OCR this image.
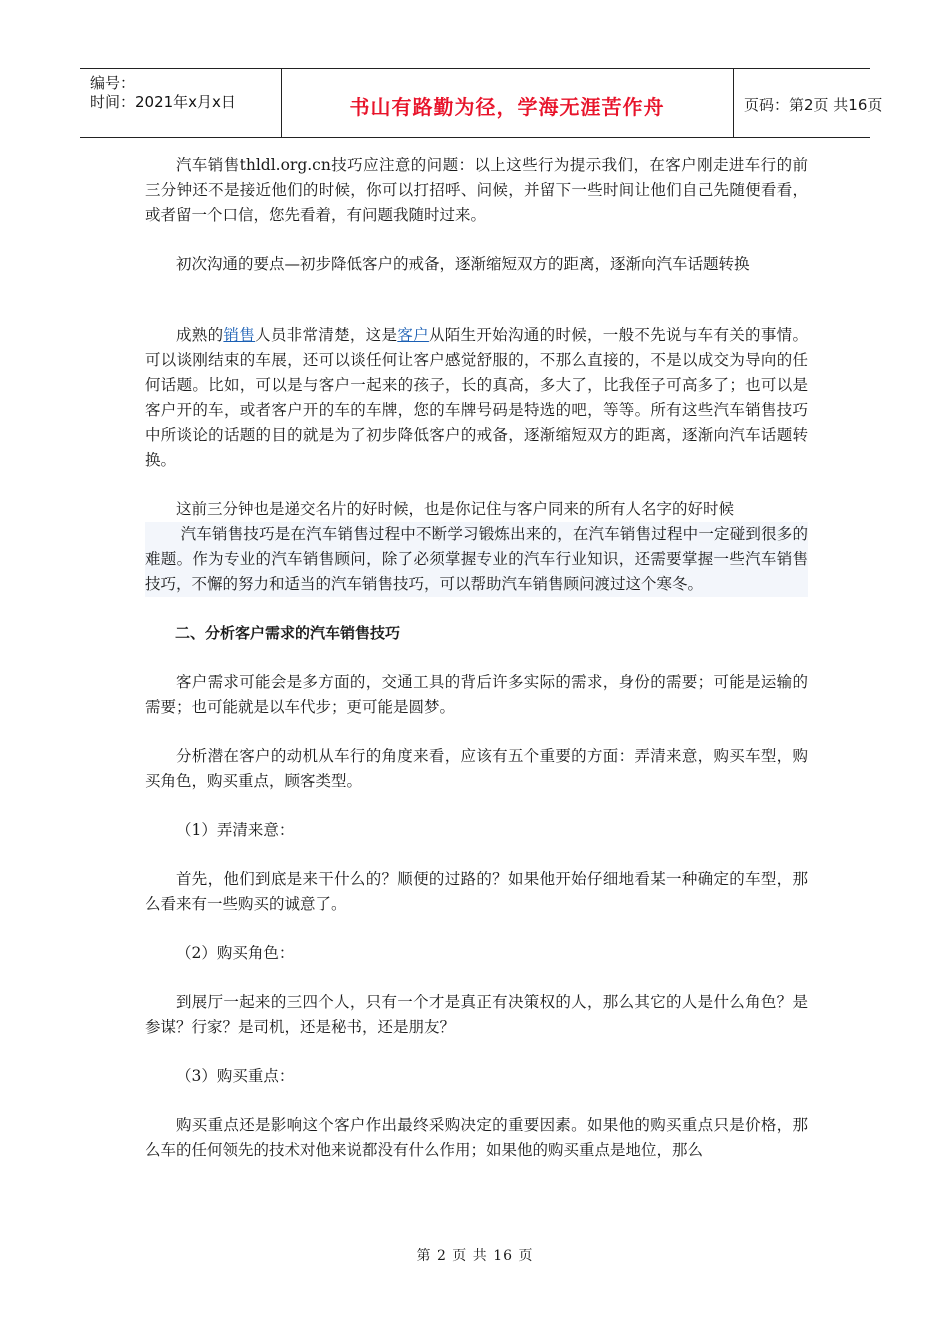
编号：
时间：2021年x月x日	书山有路勤为径，学海无涯苦作舟	页码：第2页 共16页

汽车销售thldl.org.cn技巧应注意的问题：以上这些行为提示我们，在客户刚走进车行的前三分钟还不是接近他们的时候，你可以打招呼、问候，并留下一些时间让他们自己先随便看看，或者留一个口信，您先看着，有问题我随时过来。

初次沟通的要点—初步降低客户的戒备，逐渐缩短双方的距离，逐渐向汽车话题转换

成熟的销售人员非常清楚，这是客户从陌生开始沟通的时候，一般不先说与车有关的事情。可以谈刚结束的车展，还可以谈任何让客户感觉舒服的，不那么直接的，不是以成交为导向的任何话题。比如，可以是与客户一起来的孩子，长的真高，多大了，比我侄子可高多了；也可以是客户开的车，或者客户开的车的车牌，您的车牌号码是特选的吧，等等。所有这些汽车销售技巧中所谈论的话题的目的就是为了初步降低客户的戒备，逐渐缩短双方的距离，逐渐向汽车话题转换。

这前三分钟也是递交名片的好时候，也是你记住与客户同来的所有人名字的好时候

汽车销售技巧是在汽车销售过程中不断学习锻炼出来的，在汽车销售过程中一定碰到很多的难题。作为专业的汽车销售顾问，除了必须掌握专业的汽车行业知识，还需要掌握一些汽车销售技巧，不懈的努力和适当的汽车销售技巧，可以帮助汽车销售顾问渡过这个寒冬。

二、分析客户需求的汽车销售技巧

客户需求可能会是多方面的，交通工具的背后许多实际的需求，身份的需要；可能是运输的需要；也可能就是以车代步；更可能是圆梦。

分析潜在客户的动机从车行的角度来看，应该有五个重要的方面：弄清来意，购买车型，购买角色，购买重点，顾客类型。

（1）弄清来意：

首先，他们到底是来干什么的？顺便的过路的？如果他开始仔细地看某一种确定的车型，那么看来有一些购买的诚意了。

（2）购买角色：

到展厅一起来的三四个人，只有一个才是真正有决策权的人，那么其它的人是什么角色？是参谋？行家？是司机，还是秘书，还是朋友？

（3）购买重点：

购买重点还是影响这个客户作出最终采购决定的重要因素。如果他的购买重点只是价格，那么车的任何领先的技术对他来说都没有什么作用；如果他的购买重点是地位，那么

第 2 页 共 16 页
